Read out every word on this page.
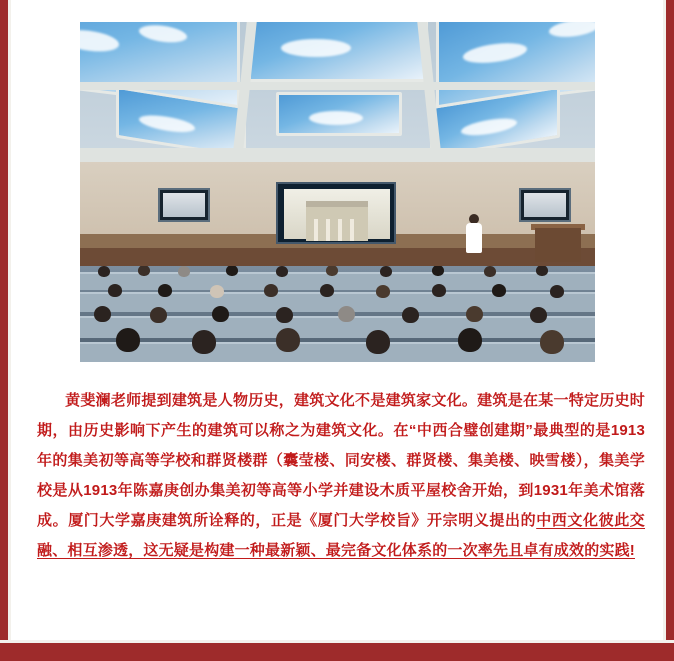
黄斐澜老师提到建筑是人物历史，建筑文化不是建筑家文化。建筑是在某一特定历史时期，由历史影响下产生的建筑可以称之为建筑文化。在“中西合璧创建期”最典型的是1913年的集美初等高等学校和群贤楼群（囊莹楼、同安楼、群贤楼、集美楼、映雪楼），集美学校是从1913年陈嘉庚创办集美初等高等小学并建设木质平屋校舍开始，到1931年美术馆落成。厦门大学嘉庚建筑所诠释的，正是《厦门大学校旨》开宗明义提出的中西文化彼此交融、相互渗透，这无疑是构建一种最新颖、最完备文化体系的一次率先且卓有成效的实践!
